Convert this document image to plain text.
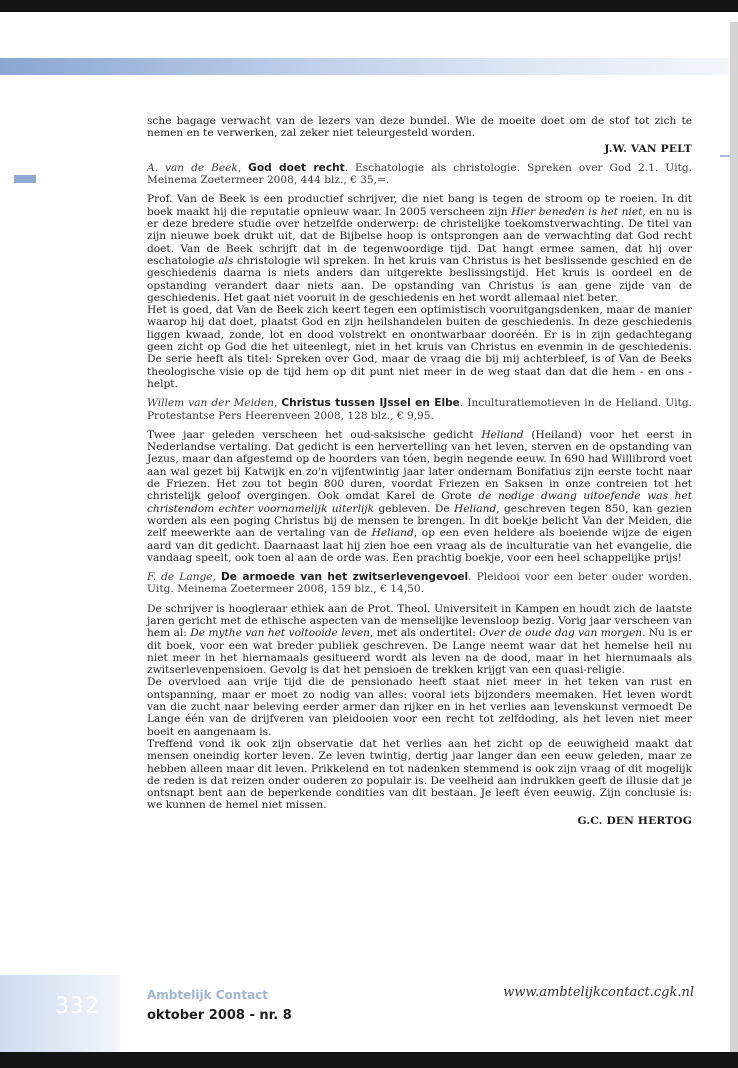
sche bagage verwacht van de lezers van deze bundel. Wie de moeite doet om de stof tot zich te nemen en te verwerken, zal zeker niet teleurgesteld worden.

J.W. VAN PELT

A. van de Beek, God doet recht. Eschatologie als christologie. Spreken over God 2.1. Uitg. Meinema Zoetermeer 2008, 444 blz., € 35,=.

Prof. Van de Beek is een productief schrijver, die niet bang is tegen de stroom op te roeien. In dit boek maakt hij die reputatie opnieuw waar. In 2005 verscheen zijn Hier beneden is het niet, en nu is er deze bredere studie over hetzelfde onderwerp: de christelijke toekomstverwachting. De titel van zijn nieuwe boek drukt uit, dat de Bijbelse hoop is ontsprongen aan de verwachting dat God recht doet. Van de Beek schrijft dat in de tegenwoordige tijd. Dat hangt ermee samen, dat hij over eschatologie als christologie wil spreken. In het kruis van Christus is het beslissende geschied en de geschiedenis daarna is niets anders dan uitgerekte beslissingstijd. Het kruis is oordeel en de opstanding verandert daar niets aan. De opstanding van Christus is aan gene zijde van de geschiedenis. Het gaat niet vooruit in de geschiedenis en het wordt allemaal niet beter.

Het is goed, dat Van de Beek zich keert tegen een optimistisch vooruitgangsdenken, maar de manier waarop hij dat doet, plaatst God en zijn heilshandelen buiten de geschiedenis. In deze geschiedenis liggen kwaad, zonde, lot en dood volstrekt en onontwarbaar dooréén. Er is in zijn gedachtegang geen zicht op God die het uiteenlegt, niet in het kruis van Christus en evenmin in de geschiedenis. De serie heeft als titel: Spreken over God, maar de vraag die bij mij achterbleef, is of Van de Beeks theologische visie op de tijd hem op dit punt niet meer in de weg staat dan dat die hem - en ons - helpt.

Willem van der Meiden, Christus tussen IJssel en Elbe. Inculturatiemotieven in de Heliand. Uitg. Protestantse Pers Heerenveen 2008, 128 blz., € 9,95.

Twee jaar geleden verscheen het oud-saksische gedicht Heliand (Heiland) voor het eerst in Nederlandse vertaling. Dat gedicht is een hervertelling van het leven, sterven en de opstanding van Jezus, maar dan afgestemd op de hoorders van tóen, begin negende eeuw. In 690 had Willibrord voet aan wal gezet bij Katwijk en zo'n vijfentwintig jaar later ondernam Bonifatius zijn eerste tocht naar de Friezen. Het zou tot begin 800 duren, voordat Friezen en Saksen in onze contreien tot het christelijk geloof overgingen. Ook omdat Karel de Grote de nodige dwang uitoefende was het christendom echter voornamelijk uiterlijk gebleven. De Heliand, geschreven tegen 850, kan gezien worden als een poging Christus bij de mensen te brengen. In dit boekje belicht Van der Meiden, die zelf meewerkte aan de vertaling van de Heliand, op een even heldere als boeiende wijze de eigen aard van dit gedicht. Daarnaast laat hij zien hoe een vraag als de inculturatie van het evangelie, die vandaag speelt, ook toen al aan de orde was. Een prachtig boekje, voor een heel schappelijke prijs!

F. de Lange, De armoede van het zwitserlevengevoel. Pleidooi voor een beter ouder worden. Uitg. Meinema Zoetermeer 2008, 159 blz., € 14,50.

De schrijver is hoogleraar ethiek aan de Prot. Theol. Universiteit in Kampen en houdt zich de laatste jaren gericht met de ethische aspecten van de menselijke levensloop bezig. Vorig jaar verscheen van hem al: De mythe van het voltooide leven, met als ondertitel: Over de oude dag van morgen. Nu is er dit boek, voor een wat breder publiek geschreven. De Lange neemt waar dat het hemelse heil nu niet meer in het hiernamaals gesitueerd wordt als leven na de dood, maar in het hiernumaals als zwitserlevenpensioen. Gevolg is dat het pensioen de trekken krijgt van een quasi-religie.

De overvloed aan vrije tijd die de pensionado heeft staat niet meer in het teken van rust en ontspanning, maar er moet zo nodig van alles: vooral iets bijzonders meemaken. Het leven wordt van die zucht naar beleving eerder armer dan rijker en in het verlies aan levenskunst vermoedt De Lange één van de drijfveren van pleidooien voor een recht tot zelfdoding, als het leven niet meer boeit en aangenaam is.

Treffend vond ik ook zijn observatie dat het verlies aan het zicht op de eeuwigheid maakt dat mensen oneindig korter leven. Ze leven twintig, dertig jaar langer dan een eeuw geleden, maar ze hebben alleen maar dit leven. Prikkelend en tot nadenken stemmend is ook zijn vraag of dit mogelijk de reden is dat reizen onder ouderen zo populair is. De veelheid aan indrukken geeft de illusie dat je ontsnapt bent aan de beperkende condities van dit bestaan. Je leeft éven eeuwig. Zijn conclusie is: we kunnen de hemel niet missen.

G.C. DEN HERTOG
332	Ambtelijk Contact
oktober 2008 - nr. 8
www.ambtelijkcontact.cgk.nl
